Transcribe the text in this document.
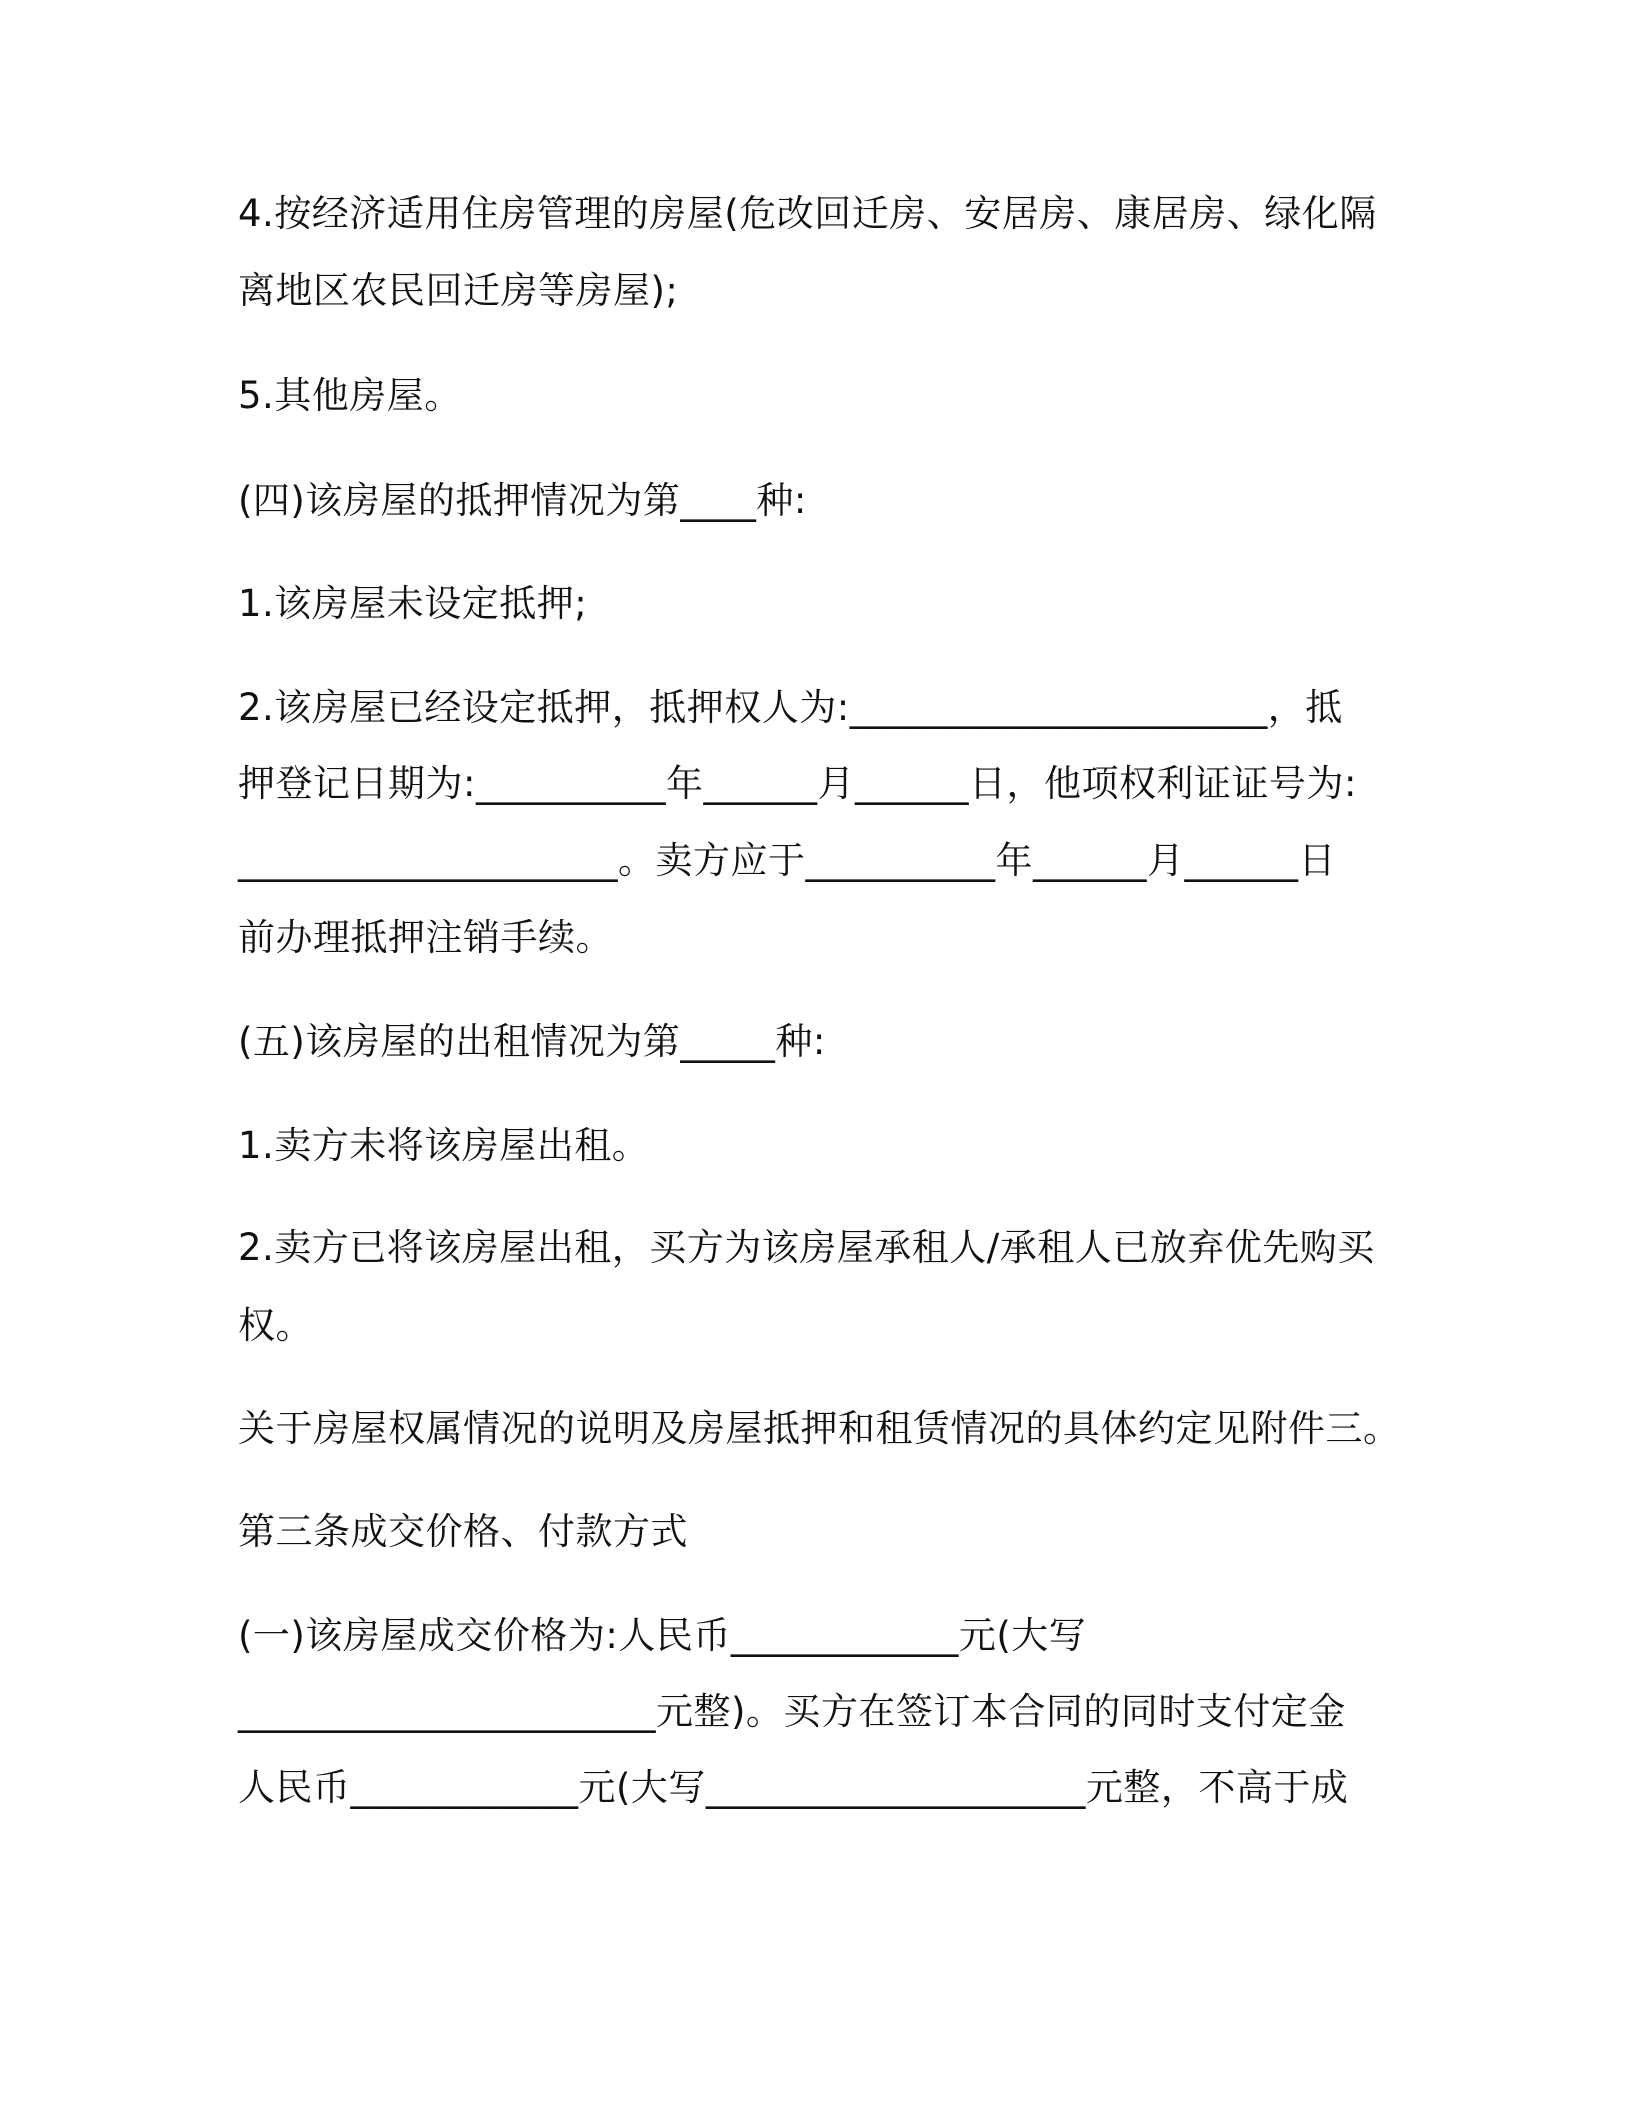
4.按经济适用住房管理的房屋(危改回迁房、安居房、康居房、绿化隔

离地区农民回迁房等房屋);

5.其他房屋。

(四)该房屋的抵押情况为第____种:

1.该房屋未设定抵押;

2.该房屋已经设定抵押，抵押权人为:______________________，抵

押登记日期为:__________年______月______日，他项权利证证号为:

____________________。卖方应于__________年______月______日

前办理抵押注销手续。

(五)该房屋的出租情况为第_____种:

1.卖方未将该房屋出租。

2.卖方已将该房屋出租，买方为该房屋承租人/承租人已放弃优先购买

权。

关于房屋权属情况的说明及房屋抵押和租赁情况的具体约定见附件三。

第三条成交价格、付款方式

(一)该房屋成交价格为:人民币____________元(大写

______________________元整)。买方在签订本合同的同时支付定金

人民币____________元(大写____________________元整，不高于成
